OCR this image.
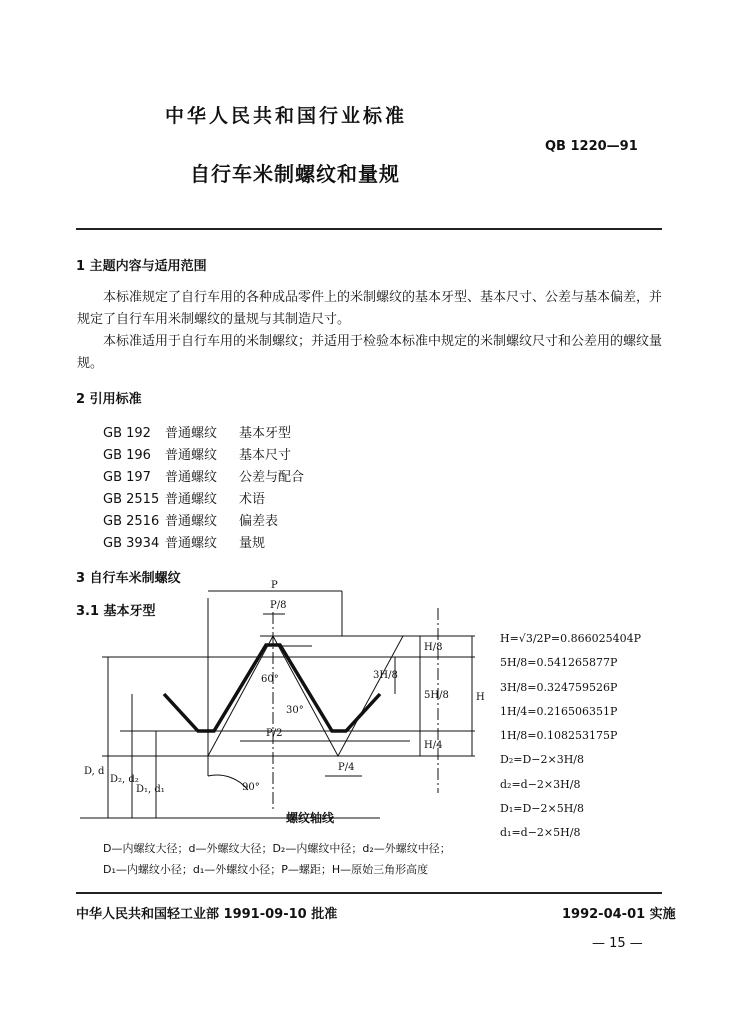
中华人民共和国行业标准
QB 1220—91
自行车米制螺纹和量规
1 主题内容与适用范围
本标准规定了自行车用的各种成品零件上的米制螺纹的基本牙型、基本尺寸、公差与基本偏差，并规定了自行车用米制螺纹的量规与其制造尺寸。
本标准适用于自行车用的米制螺纹；并适用于检验本标准中规定的米制螺纹尺寸和公差用的螺纹量规。
2 引用标准
GB 192 普通螺纹 基本牙型
GB 196 普通螺纹 基本尺寸
GB 197 普通螺纹 公差与配合
GB 2515 普通螺纹 术语
GB 2516 普通螺纹 偏差表
GB 3934 普通螺纹 量规
3 自行车米制螺纹
3.1 基本牙型
P
P/8
60°
30°
P/2
P/4
90°
H/8
3H/8
5H/8
H/4
H
D, d
D₂, d₂
D₁, d₁
螺纹轴线
H=√3/2P=0.866025404P
5H/8=0.541265877P
3H/8=0.324759526P
1H/4=0.216506351P
1H/8=0.108253175P
D₂=D−2×3H/8
d₂=d−2×3H/8
D₁=D−2×5H/8
d₁=d−2×5H/8
D—内螺纹大径；d—外螺纹大径；D₂—内螺纹中径；d₂—外螺纹中径；
D₁—内螺纹小径；d₁—外螺纹小径；P—螺距；H—原始三角形高度
中华人民共和国轻工业部 1991-09-10 批准	1992-04-01 实施
— 15 —
